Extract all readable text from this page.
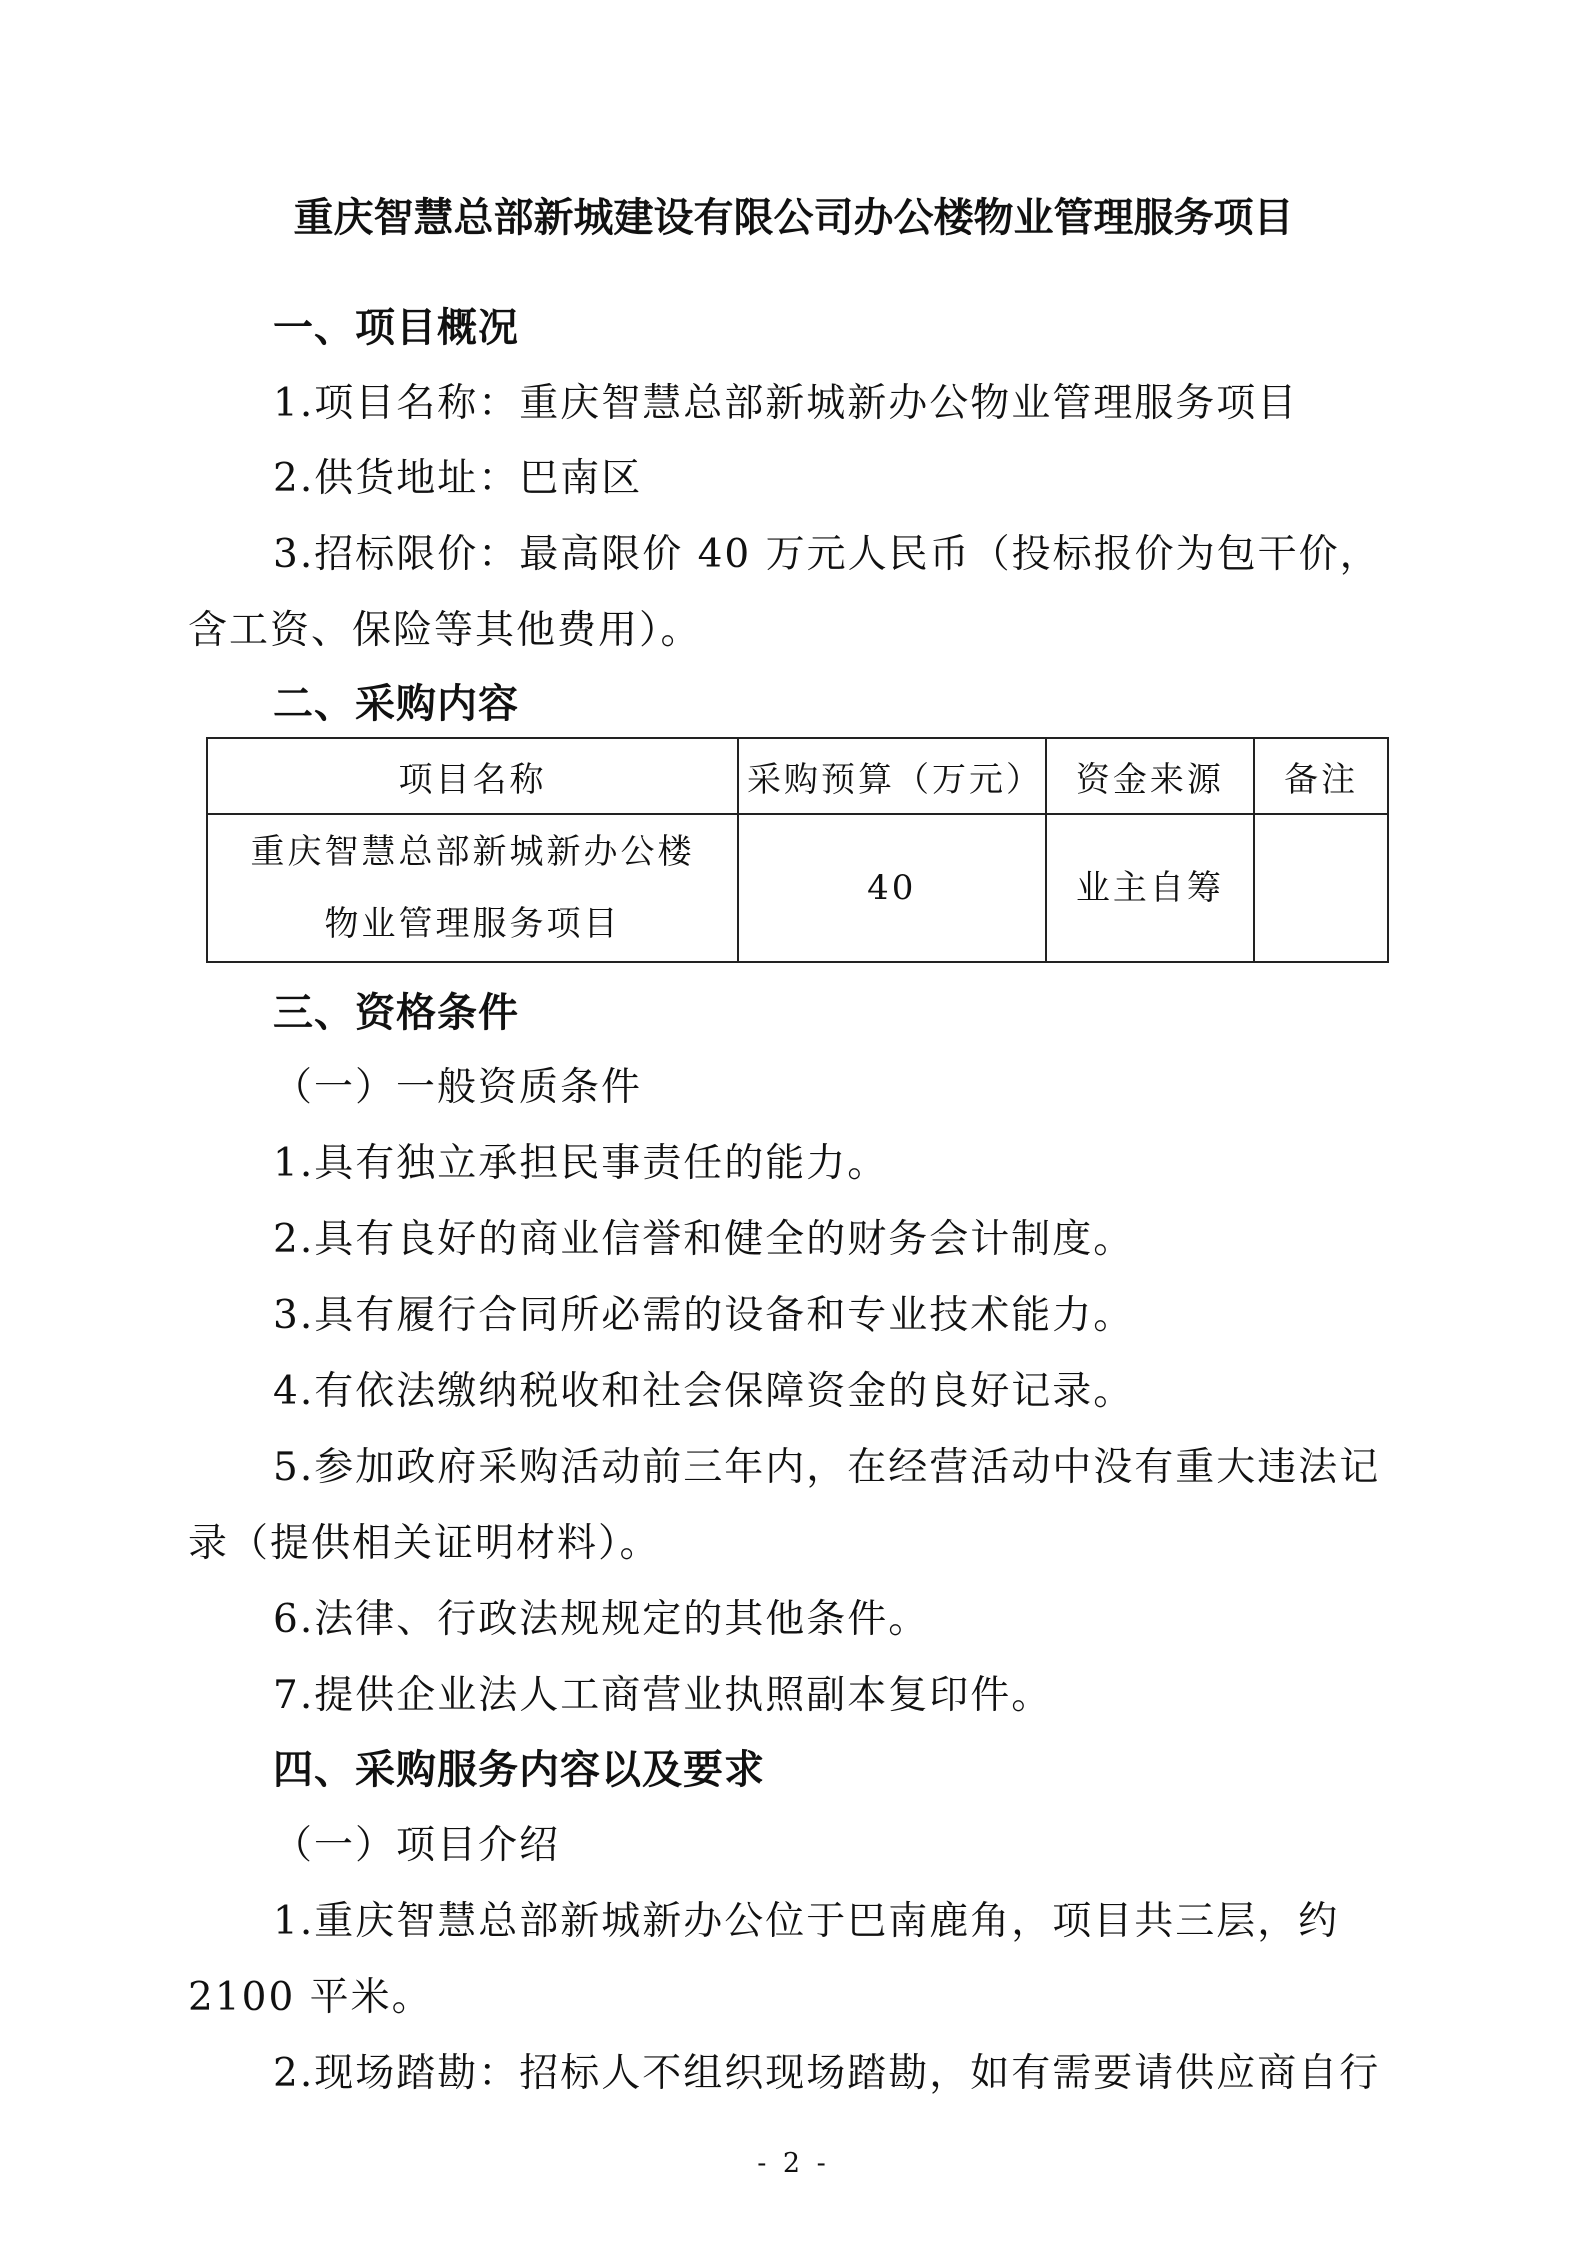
重庆智慧总部新城建设有限公司办公楼物业管理服务项目
一、项目概况
1.项目名称：重庆智慧总部新城新办公物业管理服务项目
2.供货地址：巴南区
3.招标限价：最高限价 40 万元人民币（投标报价为包干价，
含工资、保险等其他费用）。
二、采购内容
项目名称	采购预算（万元）	资金来源	备注
重庆智慧总部新城新办公楼物业管理服务项目	40	业主自筹	
三、资格条件
（一）一般资质条件
1.具有独立承担民事责任的能力。
2.具有良好的商业信誉和健全的财务会计制度。
3.具有履行合同所必需的设备和专业技术能力。
4.有依法缴纳税收和社会保障资金的良好记录。
5.参加政府采购活动前三年内，在经营活动中没有重大违法记
录（提供相关证明材料）。
6.法律、行政法规规定的其他条件。
7.提供企业法人工商营业执照副本复印件。
四、采购服务内容以及要求
（一）项目介绍
1.重庆智慧总部新城新办公位于巴南鹿角，项目共三层，约
2100 平米。
2.现场踏勘：招标人不组织现场踏勘，如有需要请供应商自行
- 2 -
